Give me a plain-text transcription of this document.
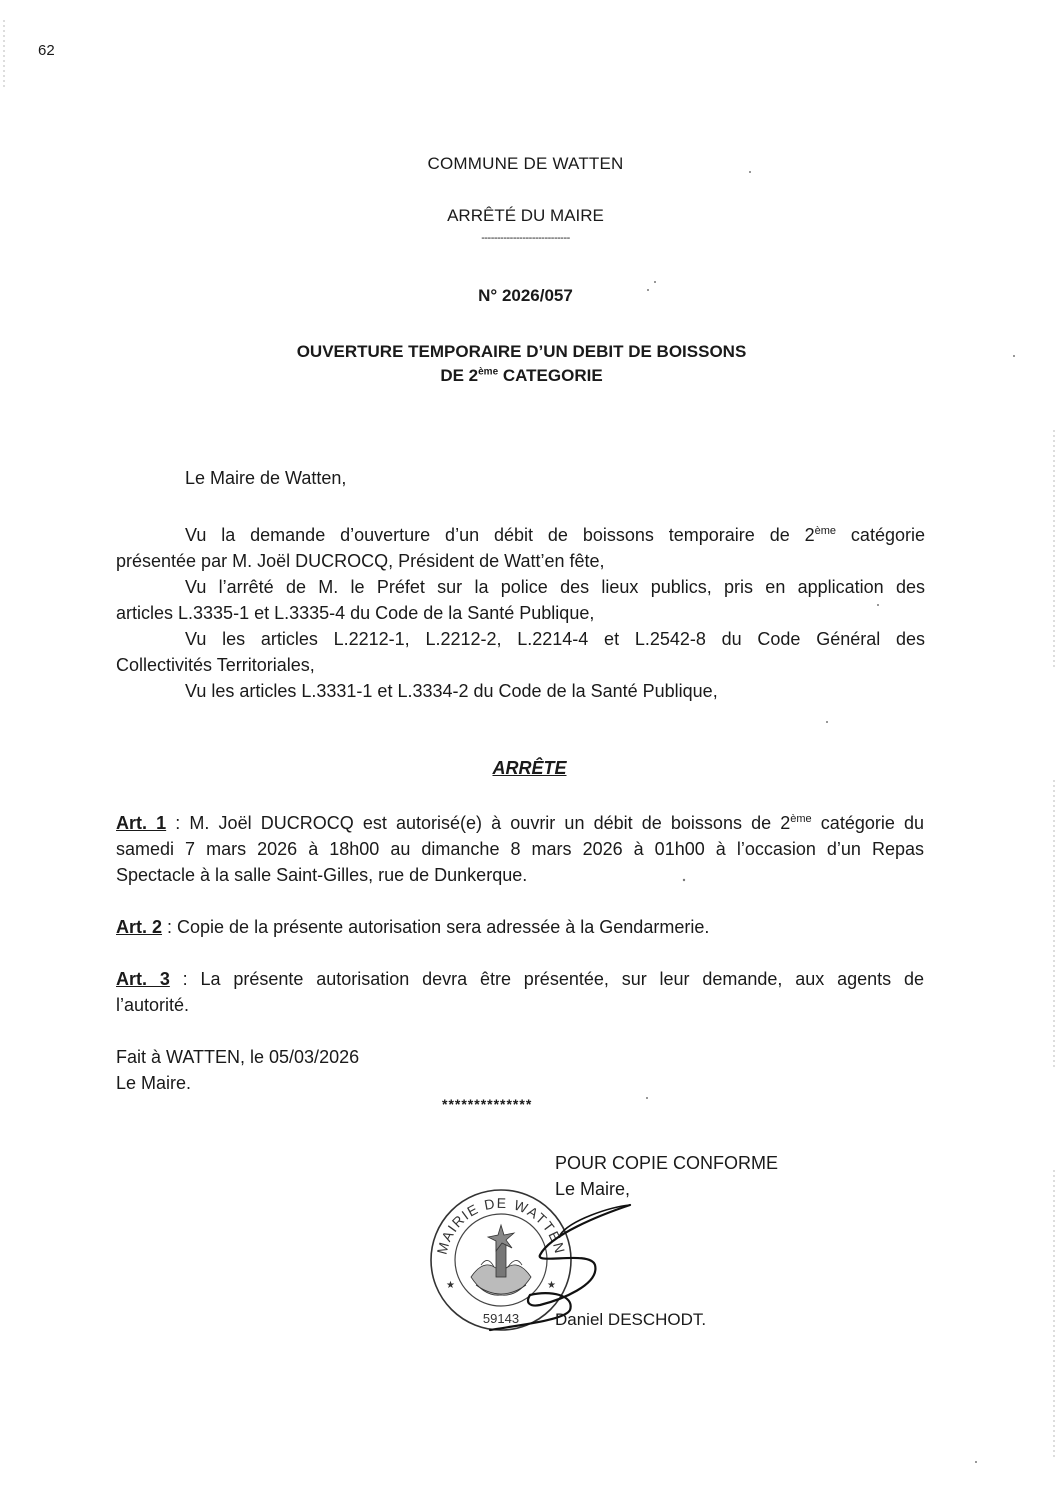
62
COMMUNE DE WATTEN
ARRÊTÉ DU MAIRE
----------------------------
N° 2026/057
OUVERTURE TEMPORAIRE D’UN DEBIT DE BOISSONS
DE 2ème CATEGORIE
Le Maire de Watten,
Vu la demande d’ouverture d’un débit de boissons temporaire de 2ème catégorie
présentée par M. Joël DUCROCQ, Président de Watt’en fête,
Vu l’arrêté de M. le Préfet sur la police des lieux publics, pris en application des
articles L.3335-1 et L.3335-4 du Code de la Santé Publique,
Vu les articles L.2212-1, L.2212-2, L.2214-4 et L.2542-8 du Code Général des
Collectivités Territoriales,
Vu les articles L.3331-1 et L.3334-2 du Code de la Santé Publique,
ARRÊTE
Art. 1 : M. Joël DUCROCQ est autorisé(e) à ouvrir un débit de boissons de 2ème catégorie du
samedi 7 mars 2026 à 18h00 au dimanche 8 mars 2026 à 01h00 à l’occasion d’un Repas
Spectacle à la salle Saint-Gilles, rue de Dunkerque.
Art. 2 : Copie de la présente autorisation sera adressée à la Gendarmerie.
Art. 3 : La présente autorisation devra être présentée, sur leur demande, aux agents de
l’autorité.
Fait à WATTEN, le 05/03/2026
Le Maire.
**************
POUR COPIE CONFORME
Le Maire,
MAIRIE DE WATTEN
59143
★	★
Daniel DESCHODT.
